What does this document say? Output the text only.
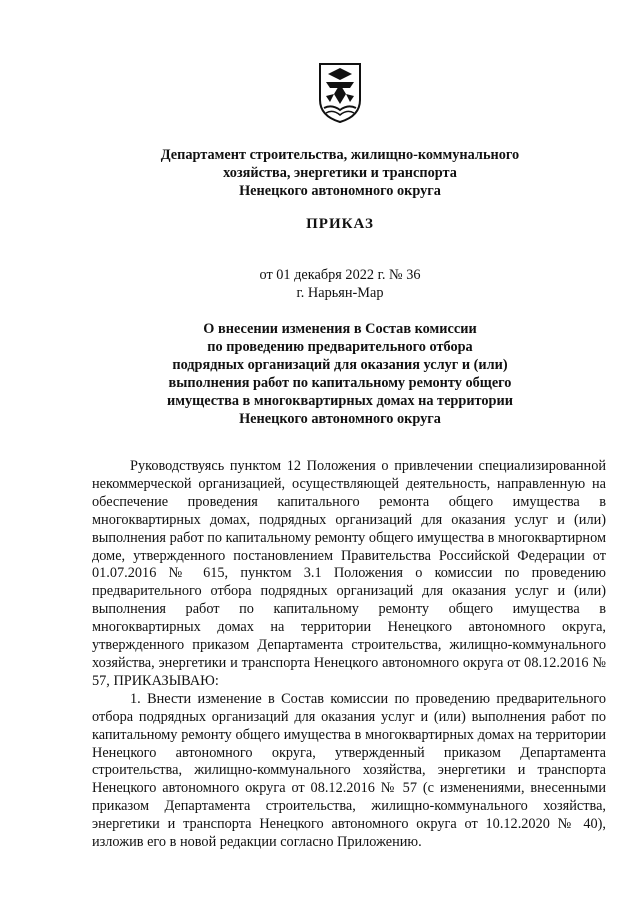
Департамент строительства, жилищно-коммунального
хозяйства, энергетики и транспорта
Ненецкого автономного округа
ПРИКАЗ
от 01 декабря 2022 г. № 36
г. Нарьян-Мар
О внесении изменения в Состав комиссии
по проведению предварительного отбора
подрядных организаций для оказания услуг и (или)
выполнения работ по капитальному ремонту общего
имущества в многоквартирных домах на территории
Ненецкого автономного округа

Руководствуясь пунктом 12 Положения о привлечении специализированной некоммерческой организацией, осуществляющей деятельность, направленную на обеспечение проведения капитального ремонта общего имущества в многоквартирных домах, подрядных организаций для оказания услуг и (или) выполнения работ по капитальному ремонту общего имущества в многоквартирном доме, утвержденного постановлением Правительства Российской Федерации от 01.07.2016 № 615, пунктом 3.1 Положения о комиссии по проведению предварительного отбора подрядных организаций для оказания услуг и (или) выполнения работ по капитальному ремонту общего имущества в многоквартирных домах на территории Ненецкого автономного округа, утвержденного приказом Департамента строительства, жилищно-коммунального хозяйства, энергетики и транспорта Ненецкого автономного округа от 08.12.2016 № 57, ПРИКАЗЫВАЮ:

1. Внести изменение в Состав комиссии по проведению предварительного отбора подрядных организаций для оказания услуг и (или) выполнения работ по капитальному ремонту общего имущества в многоквартирных домах на территории Ненецкого автономного округа, утвержденный приказом Департамента строительства, жилищно-коммунального хозяйства, энергетики и транспорта Ненецкого автономного округа от 08.12.2016 № 57 (с изменениями, внесенными приказом Департамента строительства, жилищно-коммунального хозяйства, энергетики и транспорта Ненецкого автономного округа от 10.12.2020 № 40), изложив его в новой редакции согласно Приложению.
